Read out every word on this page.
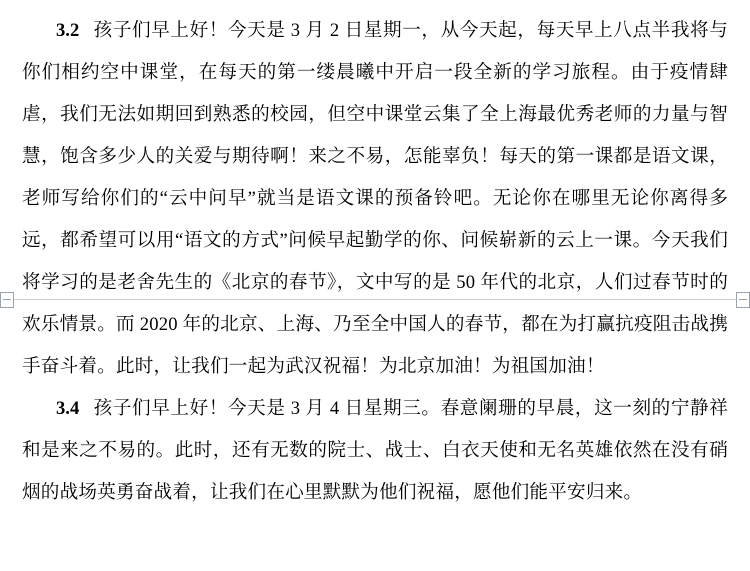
3.2 孩子们早上好！今天是 3 月 2 日星期一，从今天起，每天早上八点半我将与你们相约空中课堂，在每天的第一缕晨曦中开启一段全新的学习旅程。由于疫情肆虐，我们无法如期回到熟悉的校园，但空中课堂云集了全上海最优秀老师的力量与智慧，饱含多少人的关爱与期待啊！来之不易，怎能辜负！每天的第一课都是语文课，老师写给你们的“云中问早”就当是语文课的预备铃吧。无论你在哪里无论你离得多远，都希望可以用“语文的方式”问候早起勤学的你、问候崭新的云上一课。今天我们将学习的是老舍先生的《北京的春节》，文中写的是 50 年代的北京，人们过春节时的欢乐情景。而 2020 年的北京、上海、乃至全中国人的春节，都在为打赢抗疫阻击战携手奋斗着。此时，让我们一起为武汉祝福！为北京加油！为祖国加油！

3.4 孩子们早上好！今天是 3 月 4 日星期三。春意阑珊的早晨，这一刻的宁静祥和是来之不易的。此时，还有无数的院士、战士、白衣天使和无名英雄依然在没有硝烟的战场英勇奋战着，让我们在心里默默为他们祝福，愿他们能平安归来。
